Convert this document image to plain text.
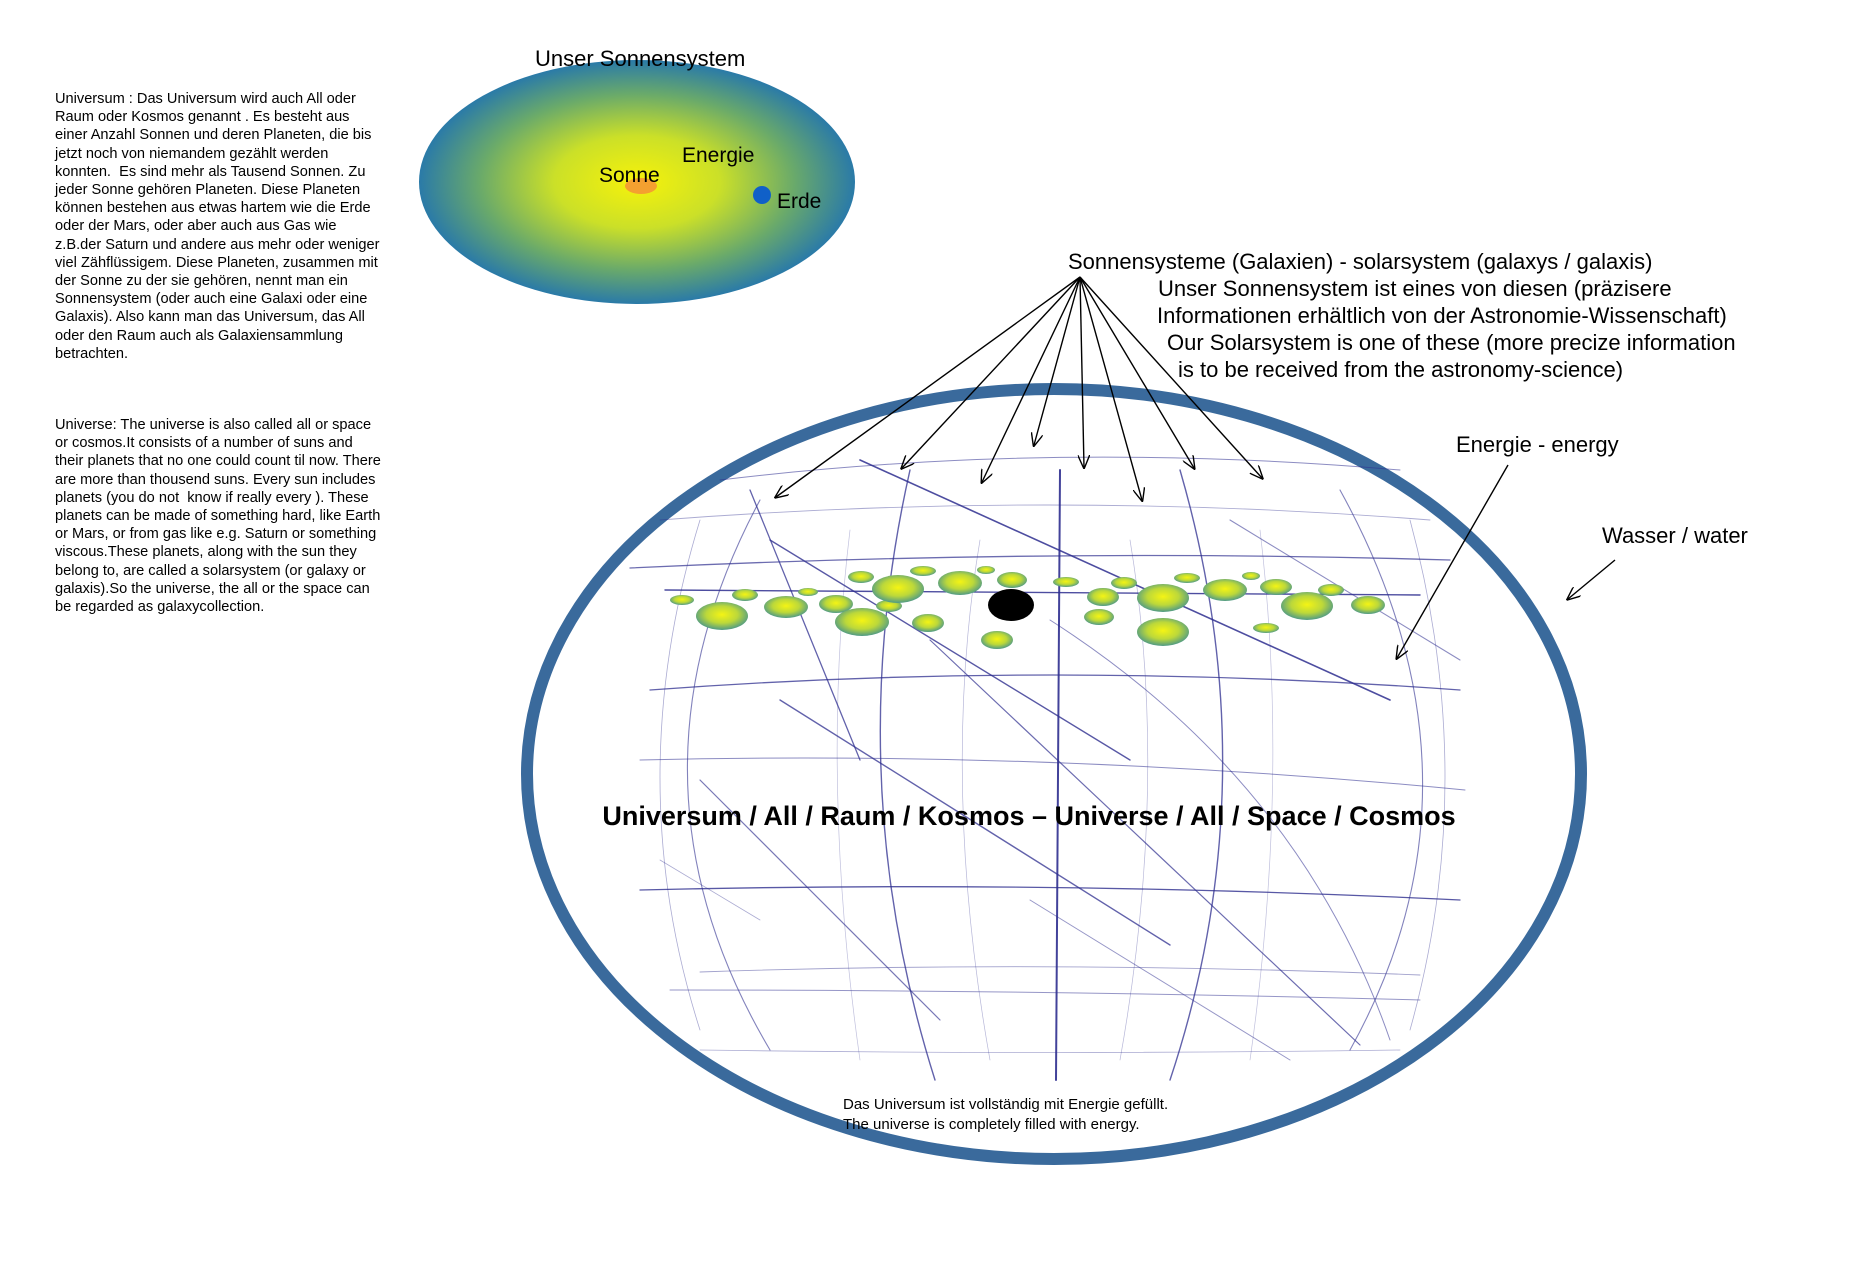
Universum : Das Universum wird auch All oder Raum oder Kosmos genannt . Es besteht aus einer Anzahl Sonnen und deren Planeten, die bis jetzt noch von niemandem gezählt werden konnten.  Es sind mehr als Tausend Sonnen. Zu jeder Sonne gehören Planeten. Diese Planeten können bestehen aus etwas hartem wie die Erde oder der Mars, oder aber auch aus Gas wie z.B.der Saturn und andere aus mehr oder weniger viel Zähflüssigem. Diese Planeten, zusammen mit der Sonne zu der sie gehören, nennt man ein Sonnensystem (oder auch eine Galaxi oder eine Galaxis). Also kann man das Universum, das All oder den Raum auch als Galaxiensammlung betrachten.
Universe: The universe is also called all or space or cosmos.It consists of a number of suns and their planets that no one could count til now. There are more than thousend suns. Every sun includes planets (you do not  know if really every ). These  planets can be made of something hard, like Earth or Mars, or from gas like e.g. Saturn or something viscous.These planets, along with the sun they belong to, are called a solarsystem (or galaxy or galaxis).So the universe, the all or the space can be regarded as galaxycollection.
Unser Sonnensystem
Sonne
Energie
Erde
Sonnensysteme (Galaxien) - solarsystem (galaxys / galaxis)
Unser Sonnensystem ist eines von diesen (präzisere
Informationen erhältlich von der Astronomie-Wissenschaft)
Our Solarsystem is one of these (more precize information
is to be received from the astronomy-science)
Energie - energy
Wasser / water
Universum / All / Raum / Kosmos – Universe / All / Space / Cosmos
Das Universum ist vollständig mit Energie gefüllt.
The universe is completely filled with energy.
